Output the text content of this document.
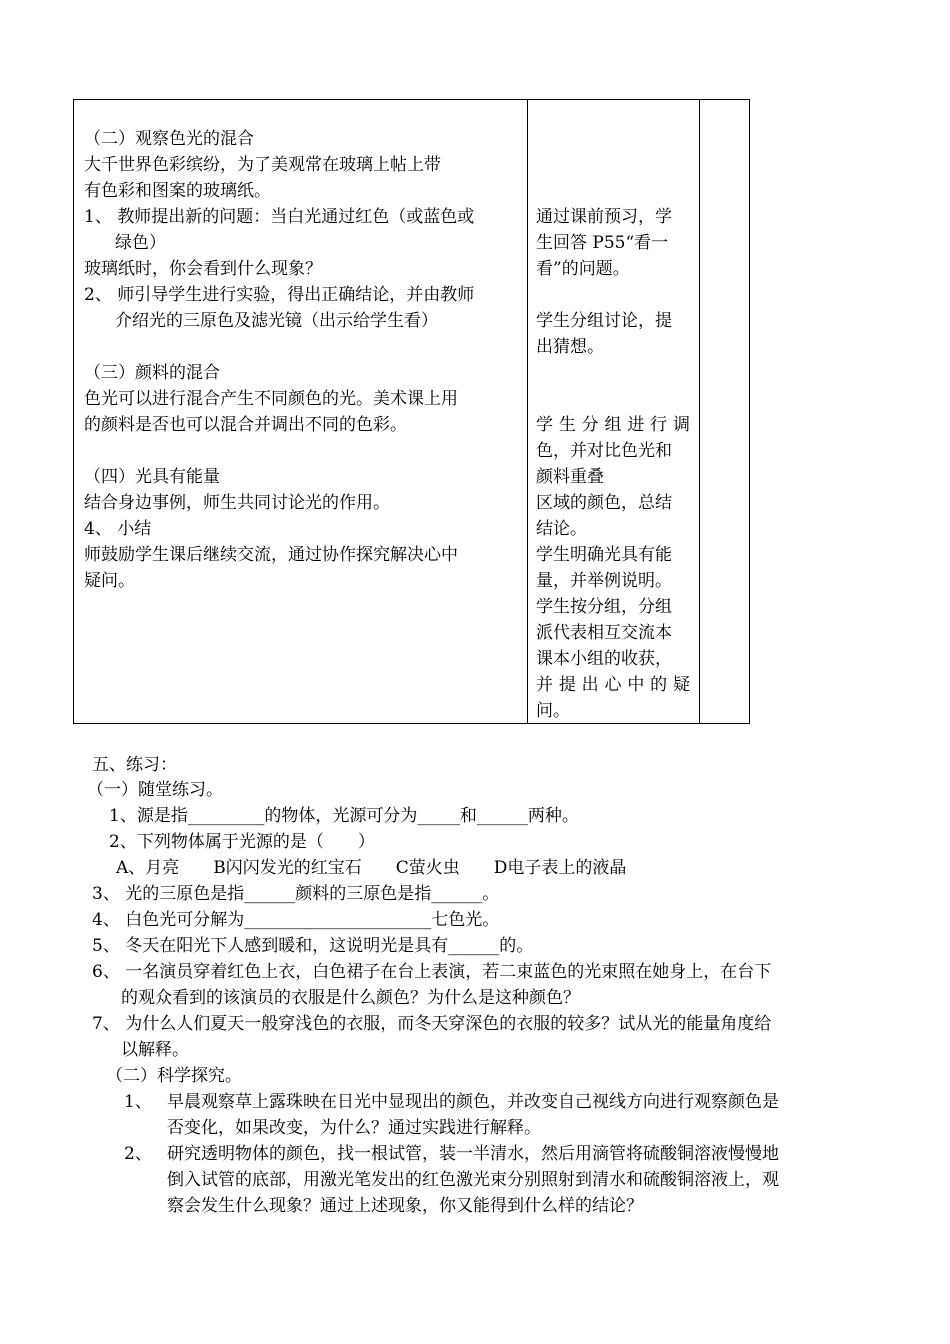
（二）观察色光的混合
大千世界色彩缤纷，为了美观常在玻璃上帖上带
有色彩和图案的玻璃纸。
1、 教师提出新的问题：当白光通过红色（或蓝色或
绿色）
玻璃纸时，你会看到什么现象？
2、 师引导学生进行实验，得出正确结论，并由教师
介绍光的三原色及滤光镜（出示给学生看）
（三）颜料的混合
色光可以进行混合产生不同颜色的光。美术课上用
的颜料是否也可以混合并调出不同的色彩。
（四）光具有能量
结合身边事例，师生共同讨论光的作用。
4、 小结
师鼓励学生课后继续交流，通过协作探究解决心中
疑问。
通过课前预习，学
生回答 P55“看一
看”的问题。
学生分组讨论，提
出猜想。
学生分组进行调
色，并对比色光和
颜料重叠
区域的颜色，总结
结论。
学生明确光具有能
量，并举例说明。
学生按分组，分组
派代表相互交流本
课本小组的收获，
并提出心中的疑
问。
五、练习：
（一）随堂练习。
1、源是指_________的物体，光源可分为_____和______两种。
2、下列物体属于光源的是（　　）
A、月亮　　B闪闪发光的红宝石　　C萤火虫　　D电子表上的液晶
3、 光的三原色是指______颜料的三原色是指______。
4、 白色光可分解为______________________七色光。
5、 冬天在阳光下人感到暖和，这说明光是具有______的。
6、 一名演员穿着红色上衣，白色裙子在台上表演，若二束蓝色的光束照在她身上，在台下
的观众看到的该演员的衣服是什么颜色？为什么是这种颜色？
7、 为什么人们夏天一般穿浅色的衣服，而冬天穿深色的衣服的较多？试从光的能量角度给
以解释。
（二）科学探究。
1、 早晨观察草上露珠映在日光中显现出的颜色，并改变自己视线方向进行观察颜色是
否变化，如果改变，为什么？通过实践进行解释。
2、 研究透明物体的颜色，找一根试管，装一半清水，然后用滴管将硫酸铜溶液慢慢地
倒入试管的底部，用激光笔发出的红色激光束分别照射到清水和硫酸铜溶液上，观
察会发生什么现象？通过上述现象，你又能得到什么样的结论？
